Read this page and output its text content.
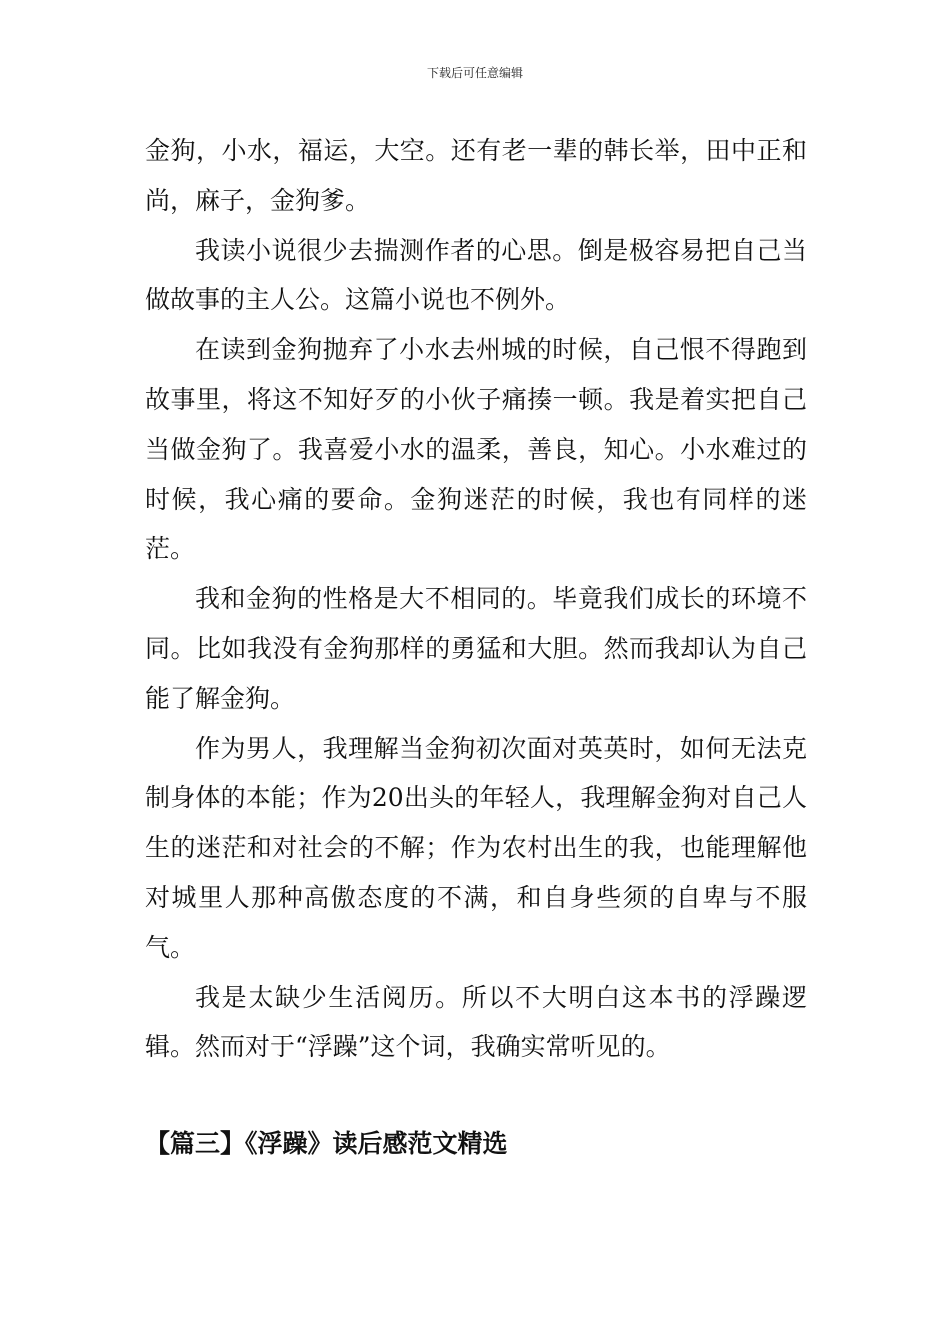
下载后可任意编辑

金狗，小水，福运，大空。还有老一辈的韩长举，田中正和尚，麻子，金狗爹。

我读小说很少去揣测作者的心思。倒是极容易把自己当做故事的主人公。这篇小说也不例外。

在读到金狗抛弃了小水去州城的时候，自己恨不得跑到故事里，将这不知好歹的小伙子痛揍一顿。我是着实把自己当做金狗了。我喜爱小水的温柔，善良，知心。小水难过的时候，我心痛的要命。金狗迷茫的时候，我也有同样的迷茫。

我和金狗的性格是大不相同的。毕竟我们成长的环境不同。比如我没有金狗那样的勇猛和大胆。然而我却认为自己能了解金狗。

作为男人，我理解当金狗初次面对英英时，如何无法克制身体的本能；作为20出头的年轻人，我理解金狗对自己人生的迷茫和对社会的不解；作为农村出生的我，也能理解他对城里人那种高傲态度的不满，和自身些须的自卑与不服气。

我是太缺少生活阅历。所以不大明白这本书的浮躁逻辑。然而对于“浮躁”这个词，我确实常听见的。

【篇三】《浮躁》读后感范文精选
